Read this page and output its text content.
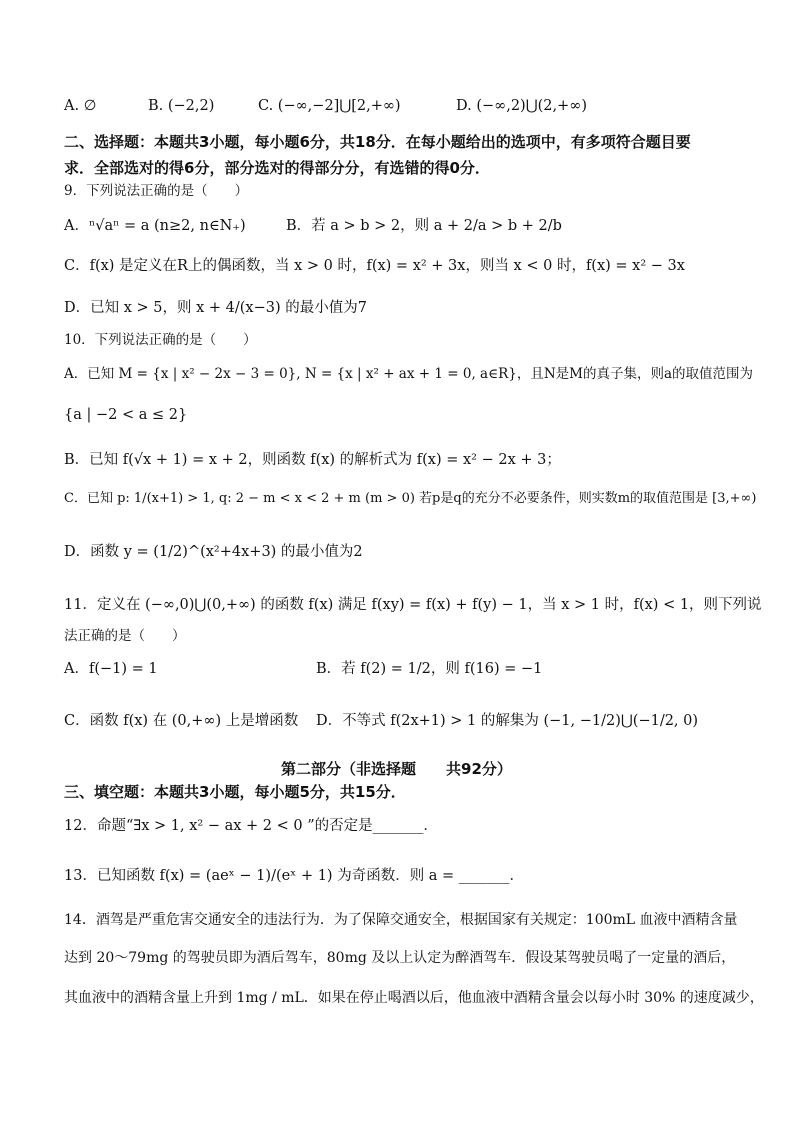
A. ∅	B. (−2,2)	C. (−∞,−2]⋃[2,+∞)	D. (−∞,2)⋃(2,+∞)
二、选择题：本题共3小题，每小题6分，共18分．在每小题给出的选项中，有多项符合题目要
求．全部选对的得6分，部分选对的得部分分，有选错的得0分．
9．下列说法正确的是（　　）
A．ⁿ√aⁿ = a (n≥2, n∈N₊)	B．若 a > b > 2，则 a + 2/a > b + 2/b
C．f(x) 是定义在R上的偶函数，当 x > 0 时，f(x) = x² + 3x，则当 x < 0 时，f(x) = x² − 3x
D．已知 x > 5，则 x + 4/(x−3) 的最小值为7
10．下列说法正确的是（　　）
A．已知 M = {x | x² − 2x − 3 = 0}, N = {x | x² + ax + 1 = 0, a∈R}，且N是M的真子集，则a的取值范围为
{a | −2 < a ≤ 2}
B．已知 f(√x + 1) = x + 2，则函数 f(x) 的解析式为 f(x) = x² − 2x + 3；
C．已知 p: 1/(x+1) > 1, q: 2 − m < x < 2 + m (m > 0) 若p是q的充分不必要条件，则实数m的取值范围是 [3,+∞)
D．函数 y = (1/2)^(x²+4x+3) 的最小值为2
11．定义在 (−∞,0)⋃(0,+∞) 的函数 f(x) 满足 f(xy) = f(x) + f(y) − 1，当 x > 1 时，f(x) < 1，则下列说
法正确的是（　　）
A．f(−1) = 1	B．若 f(2) = 1/2，则 f(16) = −1
C．函数 f(x) 在 (0,+∞) 上是增函数 D．不等式 f(2x+1) > 1 的解集为 (−1, −1/2)⋃(−1/2, 0)
第二部分（非选择题　　共92分）
三、填空题：本题共3小题，每小题5分，共15分．
12．命题“∃x > 1, x² − ax + 2 < 0 ”的否定是_______．
13．已知函数 f(x) = (aeˣ − 1)/(eˣ + 1) 为奇函数．则 a = _______．
14．酒驾是严重危害交通安全的违法行为．为了保障交通安全，根据国家有关规定：100mL 血液中酒精含量
达到 20～79mg 的驾驶员即为酒后驾车，80mg 及以上认定为醉酒驾车．假设某驾驶员喝了一定量的酒后，
其血液中的酒精含量上升到 1mg / mL．如果在停止喝酒以后，他血液中酒精含量会以每小时 30% 的速度减少，
